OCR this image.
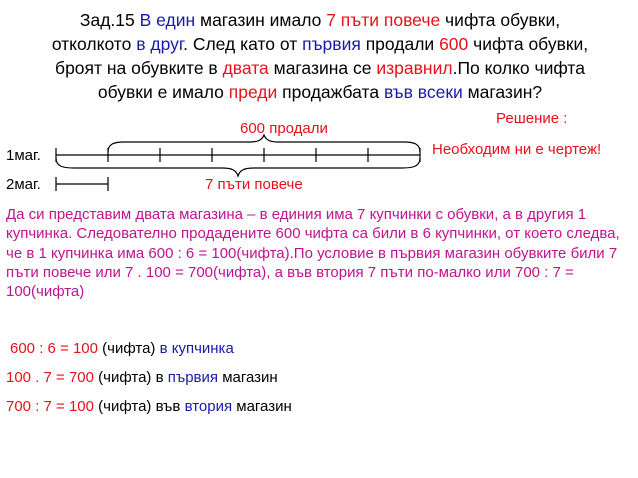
Зад.15 В един магазин имало 7 пъти повече чифта обувки,
отколкото в друг. След като от първия продали 600 чифта обувки,
броят на обувките в двата магазина се изравнил.По колко чифта
обувки е имало преди продажбата във всеки магазин?
Решение :
Необходим ни е чертеж!
1маг.
2маг.
600 продали
7 пъти повече

Да си представим двата магазина – в единия има 7 купчинки с обувки, а в другия 1 купчинка. Следователно продадените 600 чифта са били в 6 купчинки, от което следва, че в 1 купчинка има 600 : 6 = 100(чифта).По условие в първия магазин обувките били 7 пъти повече или 7 . 100 = 700(чифта), а във втория 7 пъти по-малко или 700 : 7 = 100(чифта)

600 : 6 = 100 (чифта) в купчинка
100 . 7 = 700 (чифта) в първия магазин
700 : 7 = 100 (чифта) във втория магазин
